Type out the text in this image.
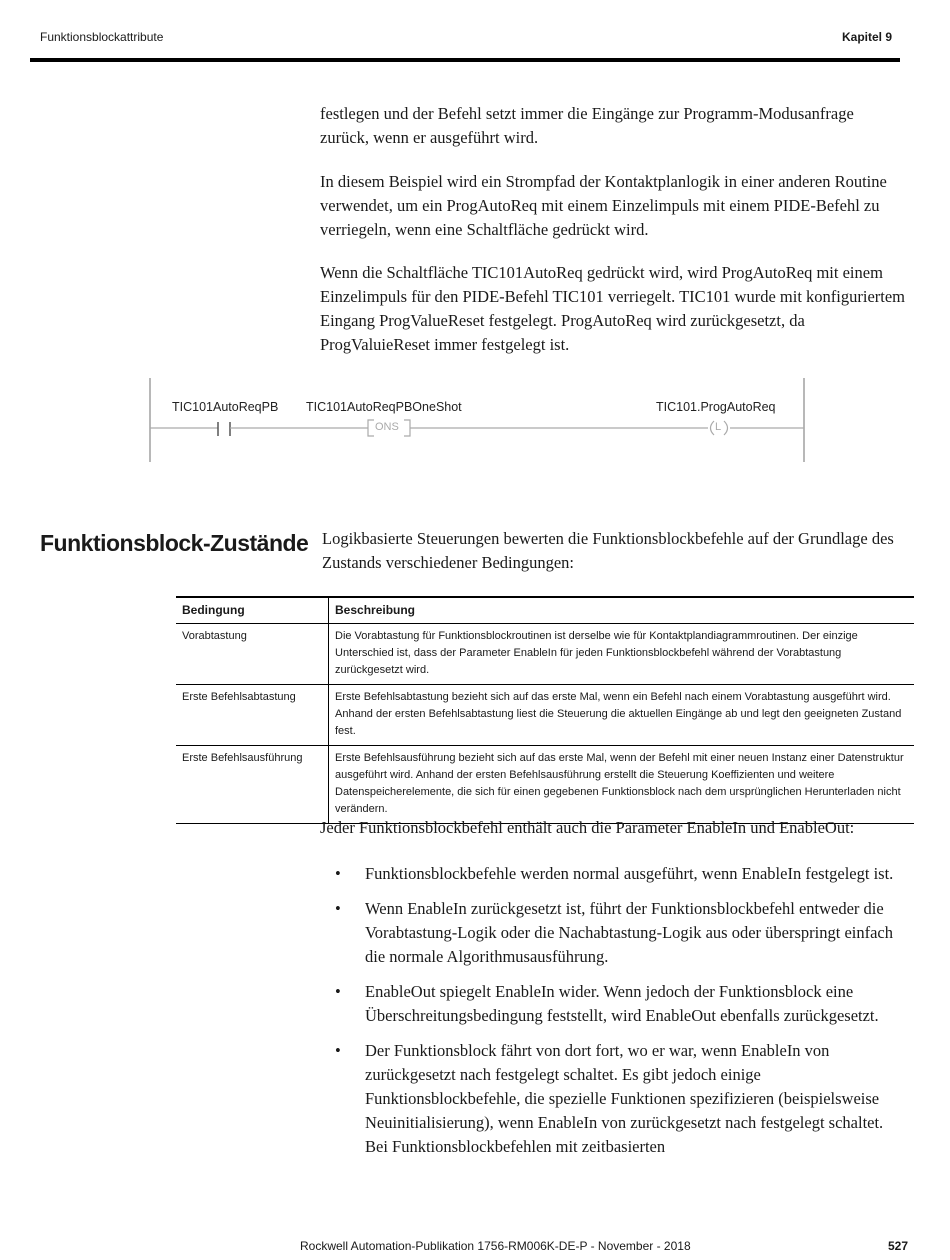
Funktionsblockattribute	Kapitel 9

festlegen und der Befehl setzt immer die Eingänge zur Programm-Modusanfrage zurück, wenn er ausgeführt wird.

In diesem Beispiel wird ein Strompfad der Kontaktplanlogik in einer anderen Routine verwendet, um ein ProgAutoReq mit einem Einzelimpuls mit einem PIDE-Befehl zu verriegeln, wenn eine Schaltfläche gedrückt wird.

Wenn die Schaltfläche TIC101AutoReq gedrückt wird, wird ProgAutoReq mit einem Einzelimpuls für den PIDE-Befehl TIC101 verriegelt. TIC101 wurde mit konfiguriertem Eingang ProgValueReset festgelegt. ProgAutoReq wird zurückgesetzt, da ProgValuieReset immer festgelegt ist.

TIC101AutoReqPB TIC101AutoReqPBOneShot
ONS
TIC101.ProgAutoReq
L
Funktionsblock-Zustände Logikbasierte Steuerungen bewerten die Funktionsblockbefehle auf der Grundlage des Zustands verschiedener Bedingungen:

Bedingung	Beschreibung
Vorabtastung	Die Vorabtastung für Funktionsblockroutinen ist derselbe wie für Kontaktplandiagrammroutinen. Der einzige Unterschied ist, dass der Parameter EnableIn für jeden Funktionsblockbefehl während der Vorabtastung zurückgesetzt wird.
Erste Befehlsabtastung	Erste Befehlsabtastung bezieht sich auf das erste Mal, wenn ein Befehl nach einem Vorabtastung ausgeführt wird. Anhand der ersten Befehlsabtastung liest die Steuerung die aktuellen Eingänge ab und legt den geeigneten Zustand fest.
Erste Befehlsausführung	Erste Befehlsausführung bezieht sich auf das erste Mal, wenn der Befehl mit einer neuen Instanz einer Datenstruktur ausgeführt wird. Anhand der ersten Befehlsausführung erstellt die Steuerung Koeffizienten und weitere Datenspeicherelemente, die sich für einen gegebenen Funktionsblock nach dem ursprünglichen Herunterladen nicht verändern.

Jeder Funktionsblockbefehl enthält auch die Parameter EnableIn und EnableOut:

• Funktionsblockbefehle werden normal ausgeführt, wenn EnableIn festgelegt ist.
• Wenn EnableIn zurückgesetzt ist, führt der Funktionsblockbefehl entweder die Vorabtastung-Logik oder die Nachabtastung-Logik aus oder überspringt einfach die normale Algorithmusausführung.
• EnableOut spiegelt EnableIn wider. Wenn jedoch der Funktionsblock eine Überschreitungsbedingung feststellt, wird EnableOut ebenfalls zurückgesetzt.
• Der Funktionsblock fährt von dort fort, wo er war, wenn EnableIn von zurückgesetzt nach festgelegt schaltet. Es gibt jedoch einige Funktionsblockbefehle, die spezielle Funktionen spezifizieren (beispielsweise Neuinitialisierung), wenn EnableIn von zurückgesetzt nach festgelegt schaltet. Bei Funktionsblockbefehlen mit zeitbasierten
Rockwell Automation-Publikation 1756-RM006K-DE-P - November - 2018	527
